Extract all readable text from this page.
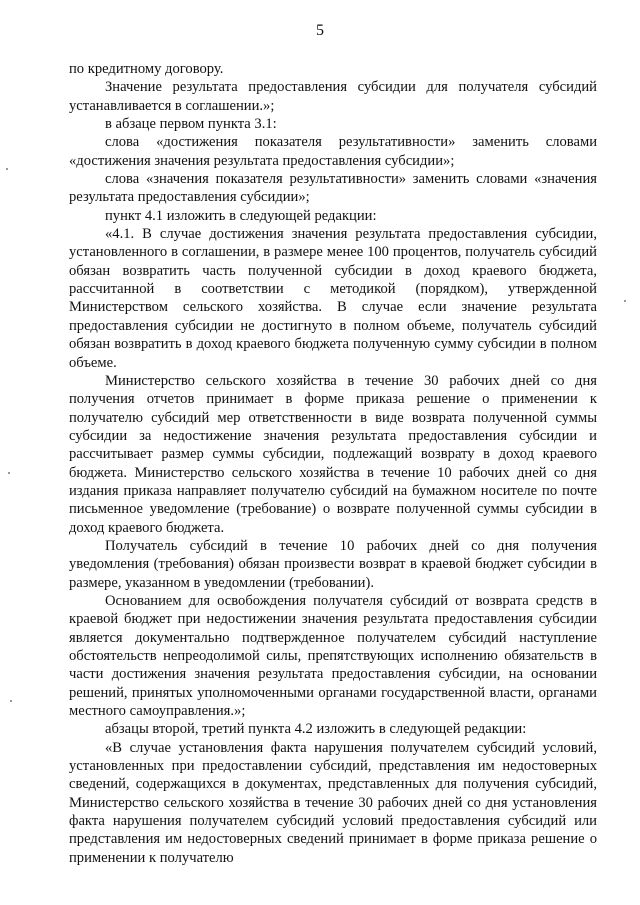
5

по кредитному договору.

Значение результата предоставления субсидии для получателя субсидий устанавливается в соглашении.»;

в абзаце первом пункта 3.1:

слова «достижения показателя результативности» заменить словами «достижения значения результата предоставления субсидии»;

слова «значения показателя результативности» заменить словами «значения результата предоставления субсидии»;

пункт 4.1 изложить в следующей редакции:

«4.1. В случае достижения значения результата предоставления субсидии, установленного в соглашении, в размере менее 100 процентов, получатель субсидий обязан возвратить часть полученной субсидии в доход краевого бюджета, рассчитанной в соответствии с методикой (порядком), утвержденной Министерством сельского хозяйства. В случае если значение результата предоставления субсидии не достигнуто в полном объеме, получатель субсидий обязан возвратить в доход краевого бюджета полученную сумму субсидии в полном объеме.

Министерство сельского хозяйства в течение 30 рабочих дней со дня получения отчетов принимает в форме приказа решение о применении к получателю субсидий мер ответственности в виде возврата полученной суммы субсидии за недостижение значения результата предоставления субсидии и рассчитывает размер суммы субсидии, подлежащий возврату в доход краевого бюджета. Министерство сельского хозяйства в течение 10 рабочих дней со дня издания приказа направляет получателю субсидий на бумажном носителе по почте письменное уведомление (требование) о возврате полученной суммы субсидии в доход краевого бюджета.

Получатель субсидий в течение 10 рабочих дней со дня получения уведомления (требования) обязан произвести возврат в краевой бюджет субсидии в размере, указанном в уведомлении (требовании).

Основанием для освобождения получателя субсидий от возврата средств в краевой бюджет при недостижении значения результата предоставления субсидии является документально подтвержденное получателем субсидий наступление обстоятельств непреодолимой силы, препятствующих исполнению обязательств в части достижения значения результата предоставления субсидии, на основании решений, принятых уполномоченными органами государственной власти, органами местного самоуправления.»;

абзацы второй, третий пункта 4.2 изложить в следующей редакции:

«В случае установления факта нарушения получателем субсидий условий, установленных при предоставлении субсидий, представления им недостоверных сведений, содержащихся в документах, представленных для получения субсидий, Министерство сельского хозяйства в течение 30 рабочих дней со дня установления факта нарушения получателем субсидий условий предоставления субсидий или представления им недостоверных сведений принимает в форме приказа решение о применении к получателю
